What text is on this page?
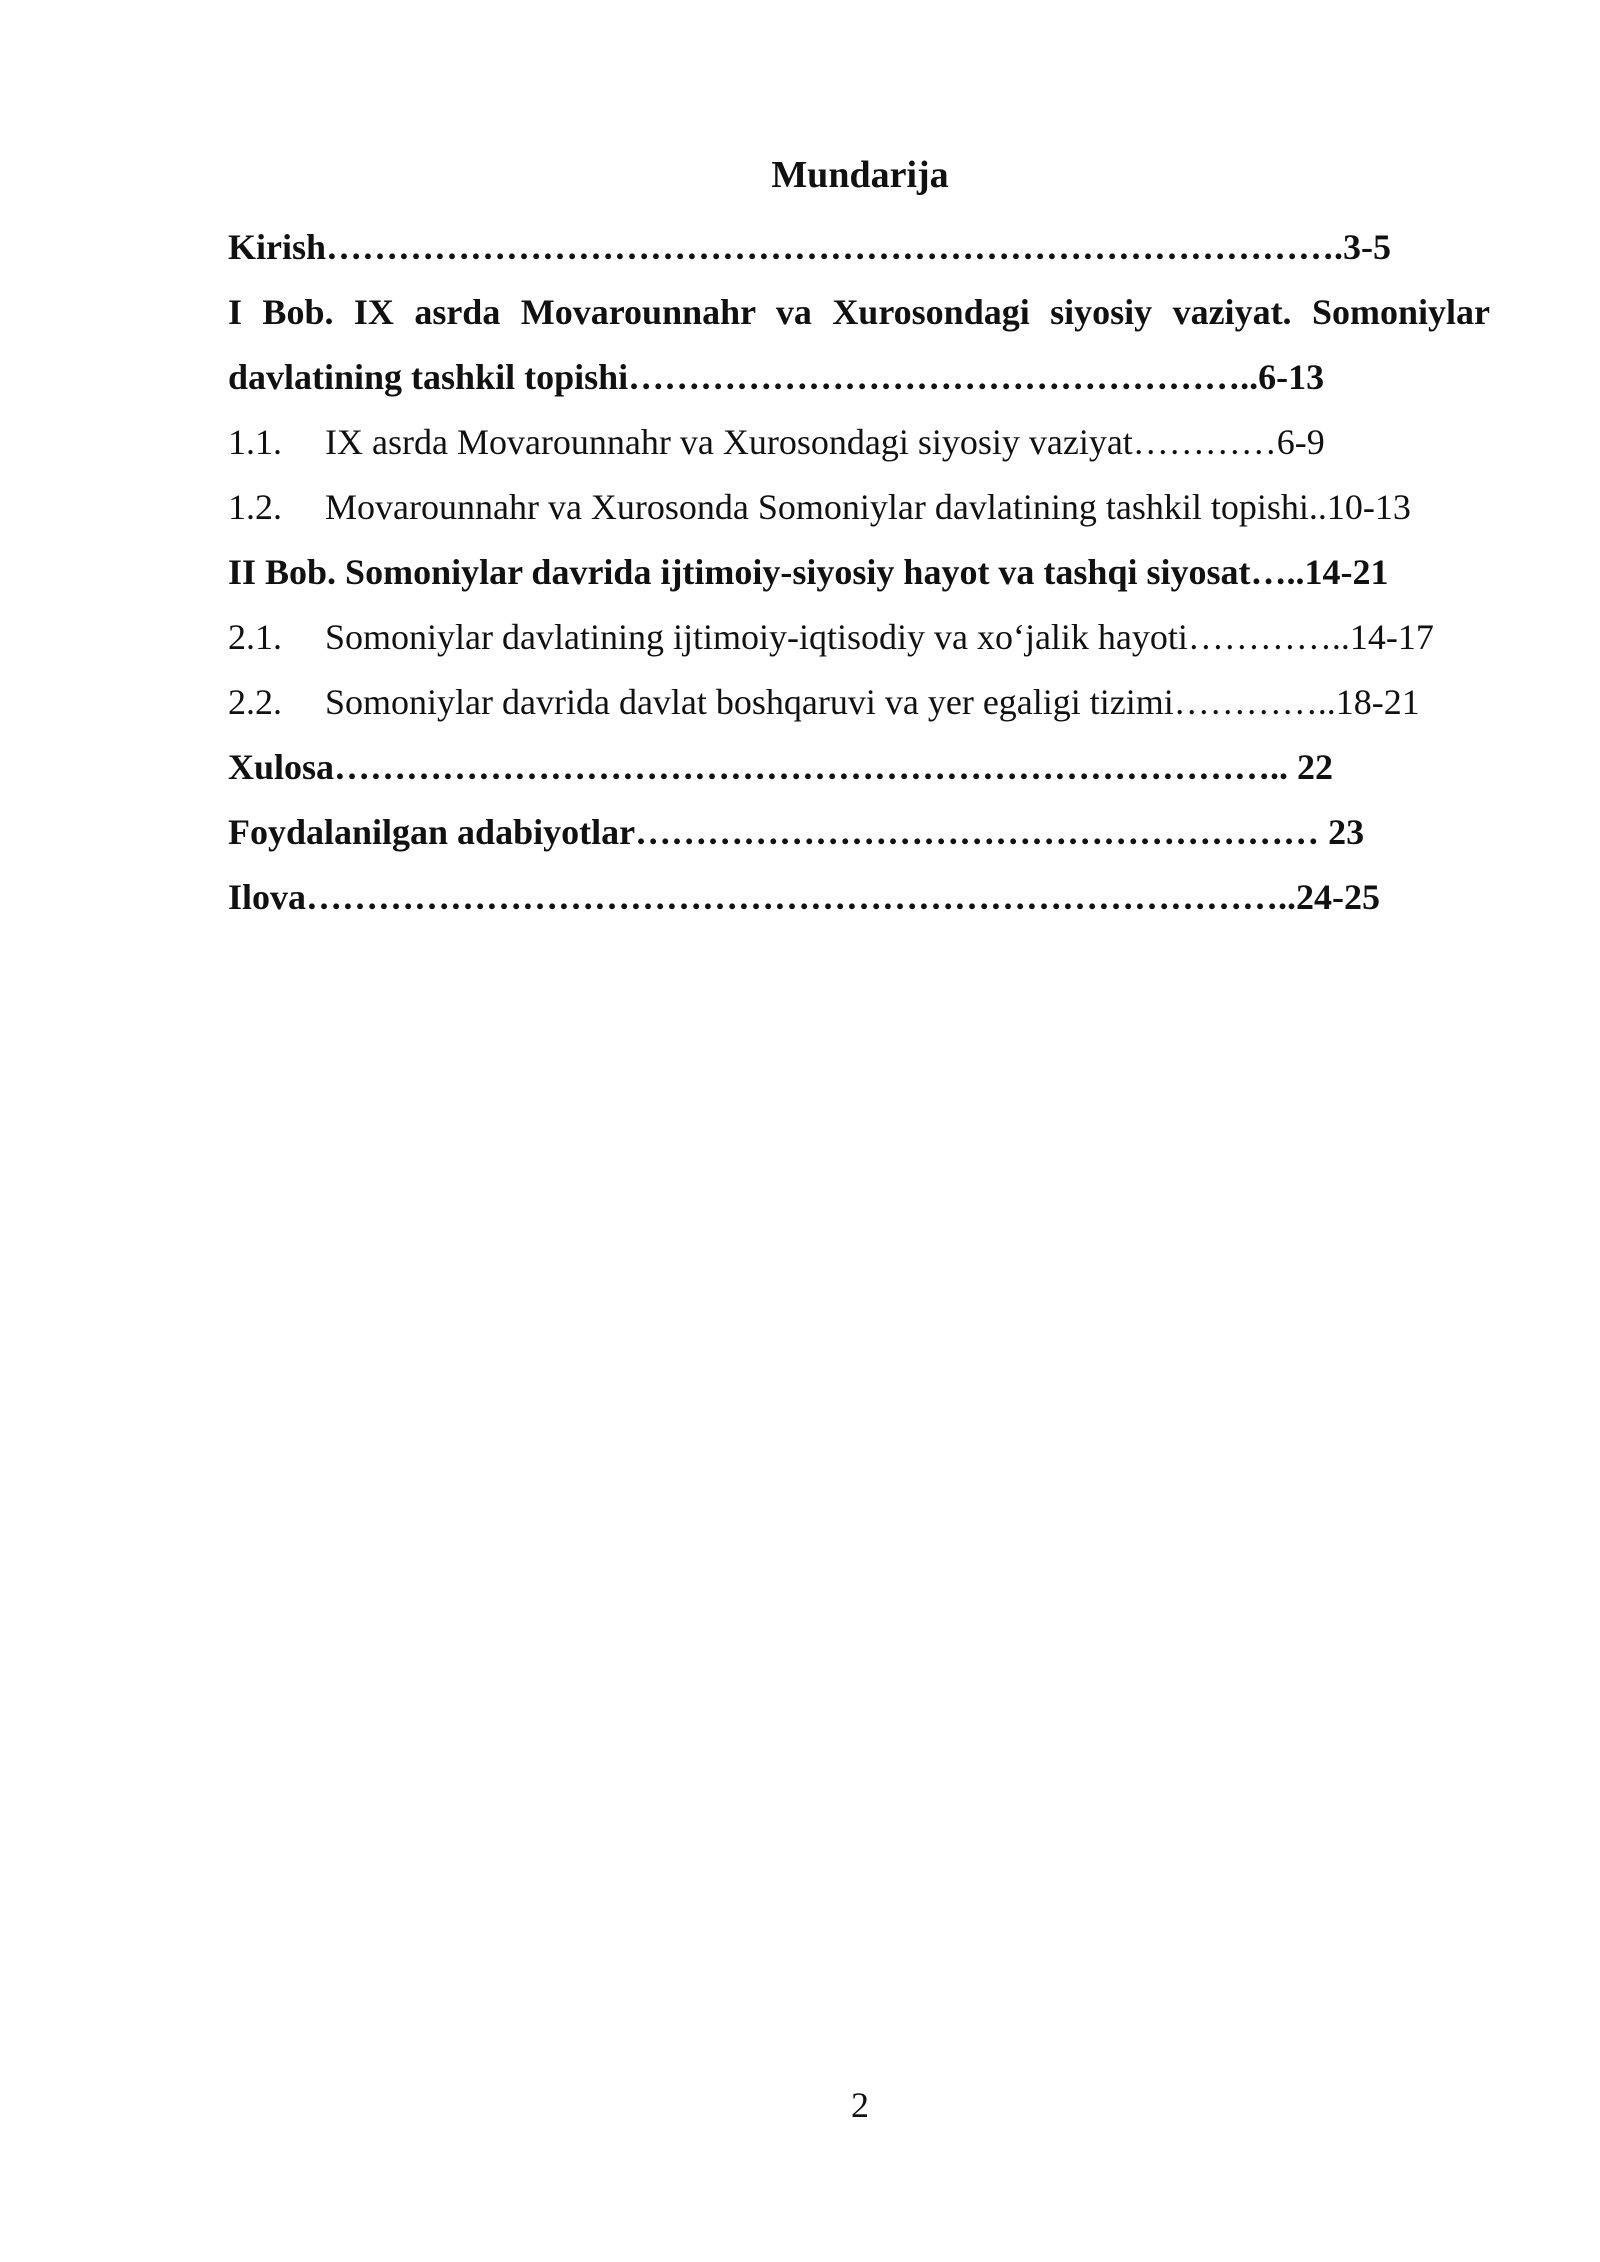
Mundarija
Kirish………………………………………………………………………….3-5
I Bob. IX asrda Movarounnahr va Xurosondagi siyosiy vaziyat. Somoniylar
davlatining tashkil topishi……………………………………………..6-13
1.1. IX asrda Movarounnahr va Xurosondagi siyosiy vaziyat…………6-9
1.2. Movarounnahr va Xurosonda Somoniylar davlatining tashkil topishi..10-13
II Bob. Somoniylar davrida ijtimoiy-siyosiy hayot va tashqi siyosat…..14-21
2.1. Somoniylar davlatining ijtimoiy-iqtisodiy va xo‘jalik hayoti…………..14-17
2.2. Somoniylar davrida davlat boshqaruvi va yer egaligi tizimi…………..18-21
Xulosa…………………………………………………………………….. 22
Foydalanilgan adabiyotlar………………………………………………… 23
Ilova………………………………………………………………………..24-25
2
